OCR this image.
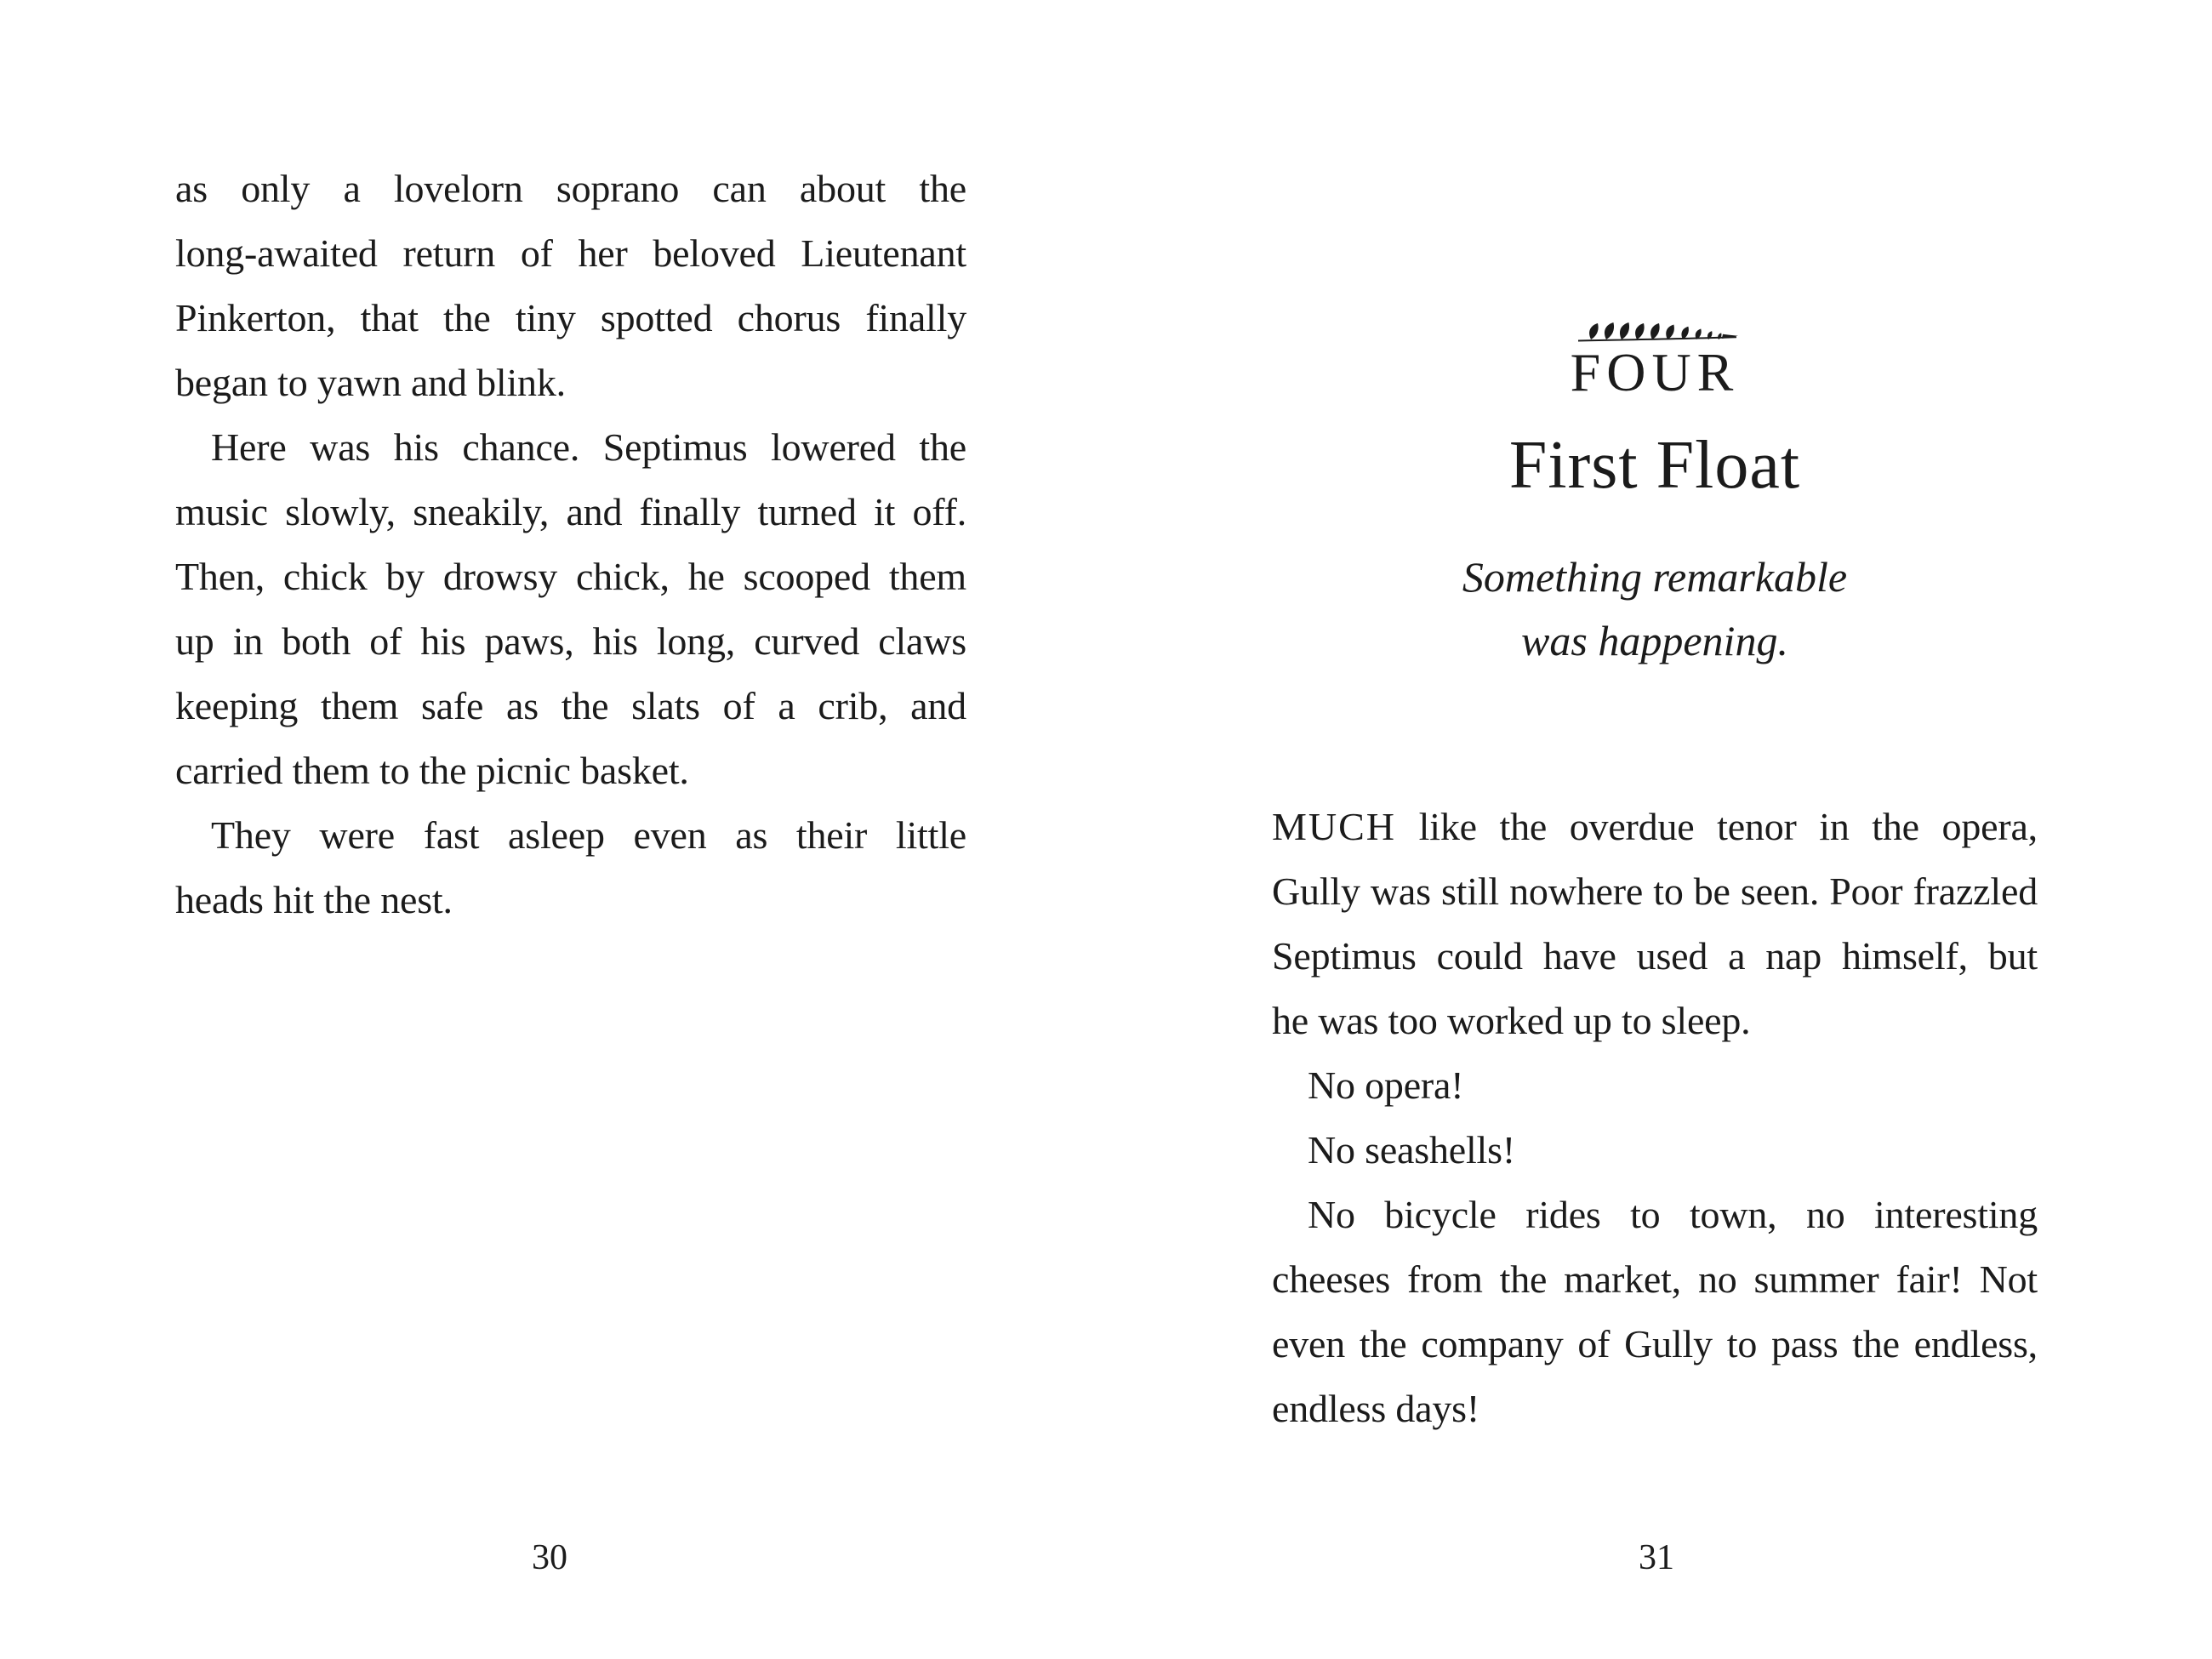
as only a lovelorn soprano can about the
long-awaited return of her beloved Lieutenant
Pinkerton, that the tiny spotted chorus finally
began to yawn and blink.

Here was his chance. Septimus lowered the
music slowly, sneakily, and finally turned it off.
Then, chick by drowsy chick, he scooped them
up in both of his paws, his long, curved claws
keeping them safe as the slats of a crib, and
carried them to the picnic basket.

They were fast asleep even as their little
heads hit the nest.

30
FOUR
First Float
Something remarkable
was happening.

MUCH like the overdue tenor in the opera,
Gully was still nowhere to be seen. Poor frazzled
Septimus could have used a nap himself, but
he was too worked up to sleep.

No opera!

No seashells!

No bicycle rides to town, no interesting
cheeses from the market, no summer fair! Not
even the company of Gully to pass the endless,
endless days!

31
